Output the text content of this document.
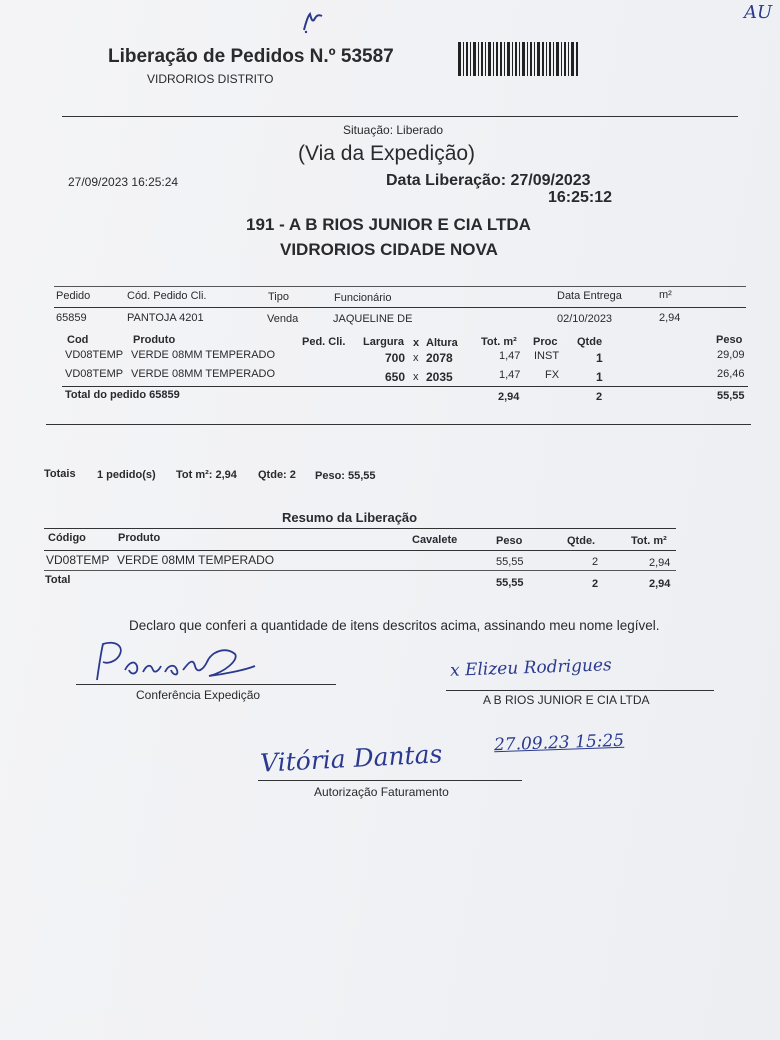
Liberação de Pedidos N.º 53587
VIDRORIOS DISTRITO
AU
Situação: Liberado
(Via da Expedição)
27/09/2023 16:25:24	Data Liberação: 27/09/2023
16:25:12
191 - A B RIOS JUNIOR E CIA LTDA
VIDRORIOS CIDADE NOVA
Pedido	Cód. Pedido Cli.	Tipo	Funcionário	Data Entrega	m²
65859	PANTOJA 4201	Venda	JAQUELINE DE	02/10/2023	2,94
Cod	Produto	Ped. Cli. Largura x Altura Tot. m² Proc Qtde	Peso
VD08TEMP VERDE 08MM TEMPERADO	700 x 2078	1,47 INST	1	29,09
VD08TEMP VERDE 08MM TEMPERADO	650 x 2035	1,47 FX	1	26,46
Total do pedido 65859	2,94	2	55,55
Totais 1 pedido(s) Tot m²: 2,94 Qtde: 2 Peso: 55,55
Resumo da Liberação
Código	Produto	Cavalete	Peso	Qtde.	Tot. m²
VD08TEMP VERDE 08MM TEMPERADO	55,55	2	2,94
Total	55,55	2	2,94
Declaro que conferi a quantidade de itens descritos acima, assinando meu nome legível.
Conferência Expedição
x Elizeu Rodrigues
A B RIOS JUNIOR E CIA LTDA
Vitória Dantas	27.09.23 15:25
Autorização Faturamento
